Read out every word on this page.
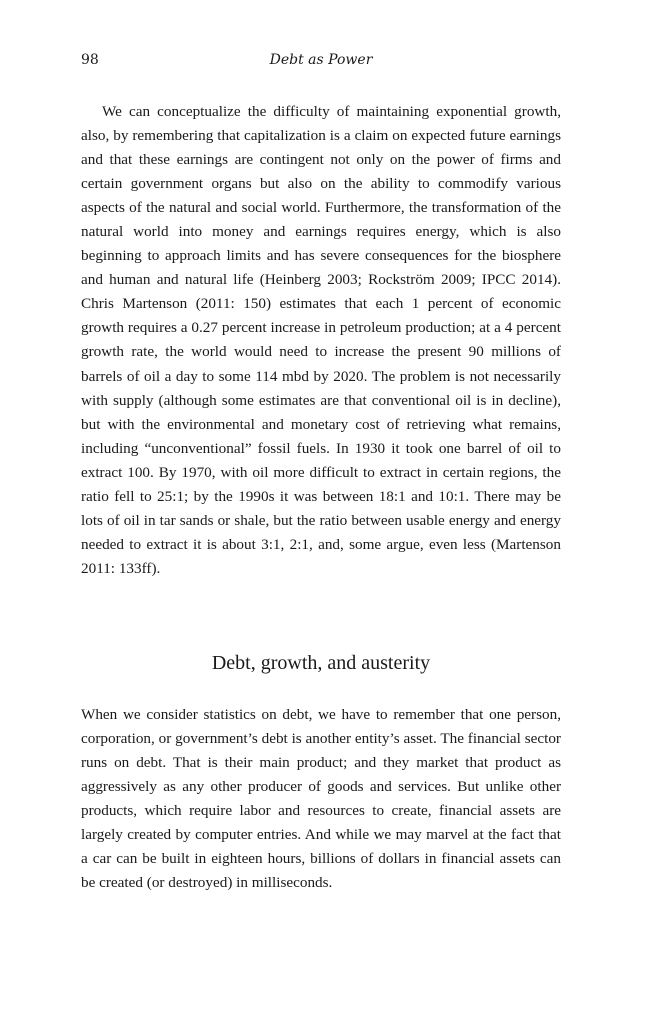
98	Debt as Power

We can conceptualize the difficulty of maintaining exponential growth, also, by remembering that capitalization is a claim on expected future earnings and that these earnings are contingent not only on the power of firms and certain government organs but also on the ability to commodify various aspects of the natural and social world. Furthermore, the transformation of the natural world into money and earnings requires energy, which is also beginning to approach limits and has severe consequences for the biosphere and human and natural life (Heinberg 2003; Rockström 2009; IPCC 2014). Chris Martenson (2011: 150) estimates that each 1 percent of economic growth requires a 0.27 percent increase in petroleum production; at a 4 percent growth rate, the world would need to increase the present 90 millions of barrels of oil a day to some 114 mbd by 2020. The problem is not necessarily with supply (although some estimates are that conventional oil is in decline), but with the environmental and monetary cost of retrieving what remains, including “unconventional” fossil fuels. In 1930 it took one barrel of oil to extract 100. By 1970, with oil more difficult to extract in certain regions, the ratio fell to 25:1; by the 1990s it was between 18:1 and 10:1. There may be lots of oil in tar sands or shale, but the ratio between usable energy and energy needed to extract it is about 3:1, 2:1, and, some argue, even less (Martenson 2011: 133ff).

Debt, growth, and austerity

When we consider statistics on debt, we have to remember that one person, corporation, or government’s debt is another entity’s asset. The financial sector runs on debt. That is their main product; and they market that product as aggressively as any other producer of goods and services. But unlike other products, which require labor and resources to create, financial assets are largely created by computer entries. And while we may marvel at the fact that a car can be built in eighteen hours, billions of dollars in financial assets can be created (or destroyed) in milliseconds.
